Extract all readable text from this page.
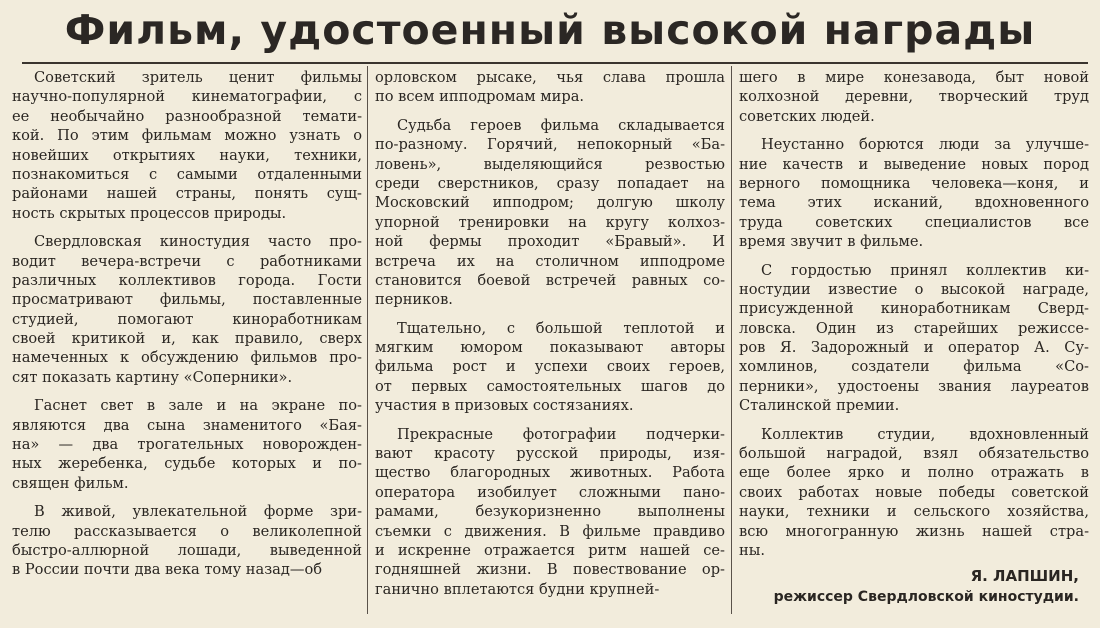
Фильм, удостоенный высокой награды
Советский зритель ценит фильмы
научно-популярной кинематографии, с
ее необычайно разнообразной темати-
кой. По этим фильмам можно узнать о
новейших открытиях науки, техники,
познакомиться с самыми отдаленными
районами нашей страны, понять сущ-
ность скрытых процессов природы.
Свердловская киностудия часто про-
водит вечера-встречи с работниками
различных коллективов города. Гости
просматривают фильмы, поставленные
студией, помогают киноработникам
своей критикой и, как правило, сверх
намеченных к обсуждению фильмов про-
сят показать картину «Соперники».
Гаснет свет в зале и на экране по-
являются два сына знаменитого «Бая-
на» — два трогательных новорожден-
ных жеребенка, судьбе которых и по-
священ фильм.
В живой, увлекательной форме зри-
телю рассказывается о великолепной
быстро-аллюрной лошади, выведенной
в России почти два века тому назад—об
орловском рысаке, чья слава прошла
по всем ипподромам мира.
Судьба героев фильма складывается
по-разному. Горячий, непокорный «Ба-
ловень», выделяющийся резвостью
среди сверстников, сразу попадает на
Московский ипподром; долгую школу
упорной тренировки на кругу колхоз-
ной фермы проходит «Бравый». И
встреча их на столичном ипподроме
становится боевой встречей равных со-
перников.
Тщательно, с большой теплотой и
мягким юмором показывают авторы
фильма рост и успехи своих героев,
от первых самостоятельных шагов до
участия в призовых состязаниях.
Прекрасные фотографии подчерки-
вают красоту русской природы, изя-
щество благородных животных. Работа
оператора изобилует сложными пано-
рамами, безукоризненно выполнены
съемки с движения. В фильме правдиво
и искренне отражается ритм нашей се-
годняшней жизни. В повествование ор-
ганично вплетаются будни крупней-
шего в мире конезавода, быт новой
колхозной деревни, творческий труд
советских людей.
Неустанно борются люди за улучше-
ние качеств и выведение новых пород
верного помощника человека—коня, и
тема этих исканий, вдохновенного
труда советских специалистов все
время звучит в фильме.
С гордостью принял коллектив ки-
ностудии известие о высокой награде,
присужденной киноработникам Сверд-
ловска. Один из старейших режиссе-
ров Я. Задорожный и оператор А. Су-
хомлинов, создатели фильма «Со-
перники», удостоены звания лауреатов
Сталинской премии.
Коллектив студии, вдохновленный
большой наградой, взял обязательство
еще более ярко и полно отражать в
своих работах новые победы советской
науки, техники и сельского хозяйства,
всю многогранную жизнь нашей стра-
ны.
Я. ЛАПШИН,
режиссер Свердловской киностудии.
